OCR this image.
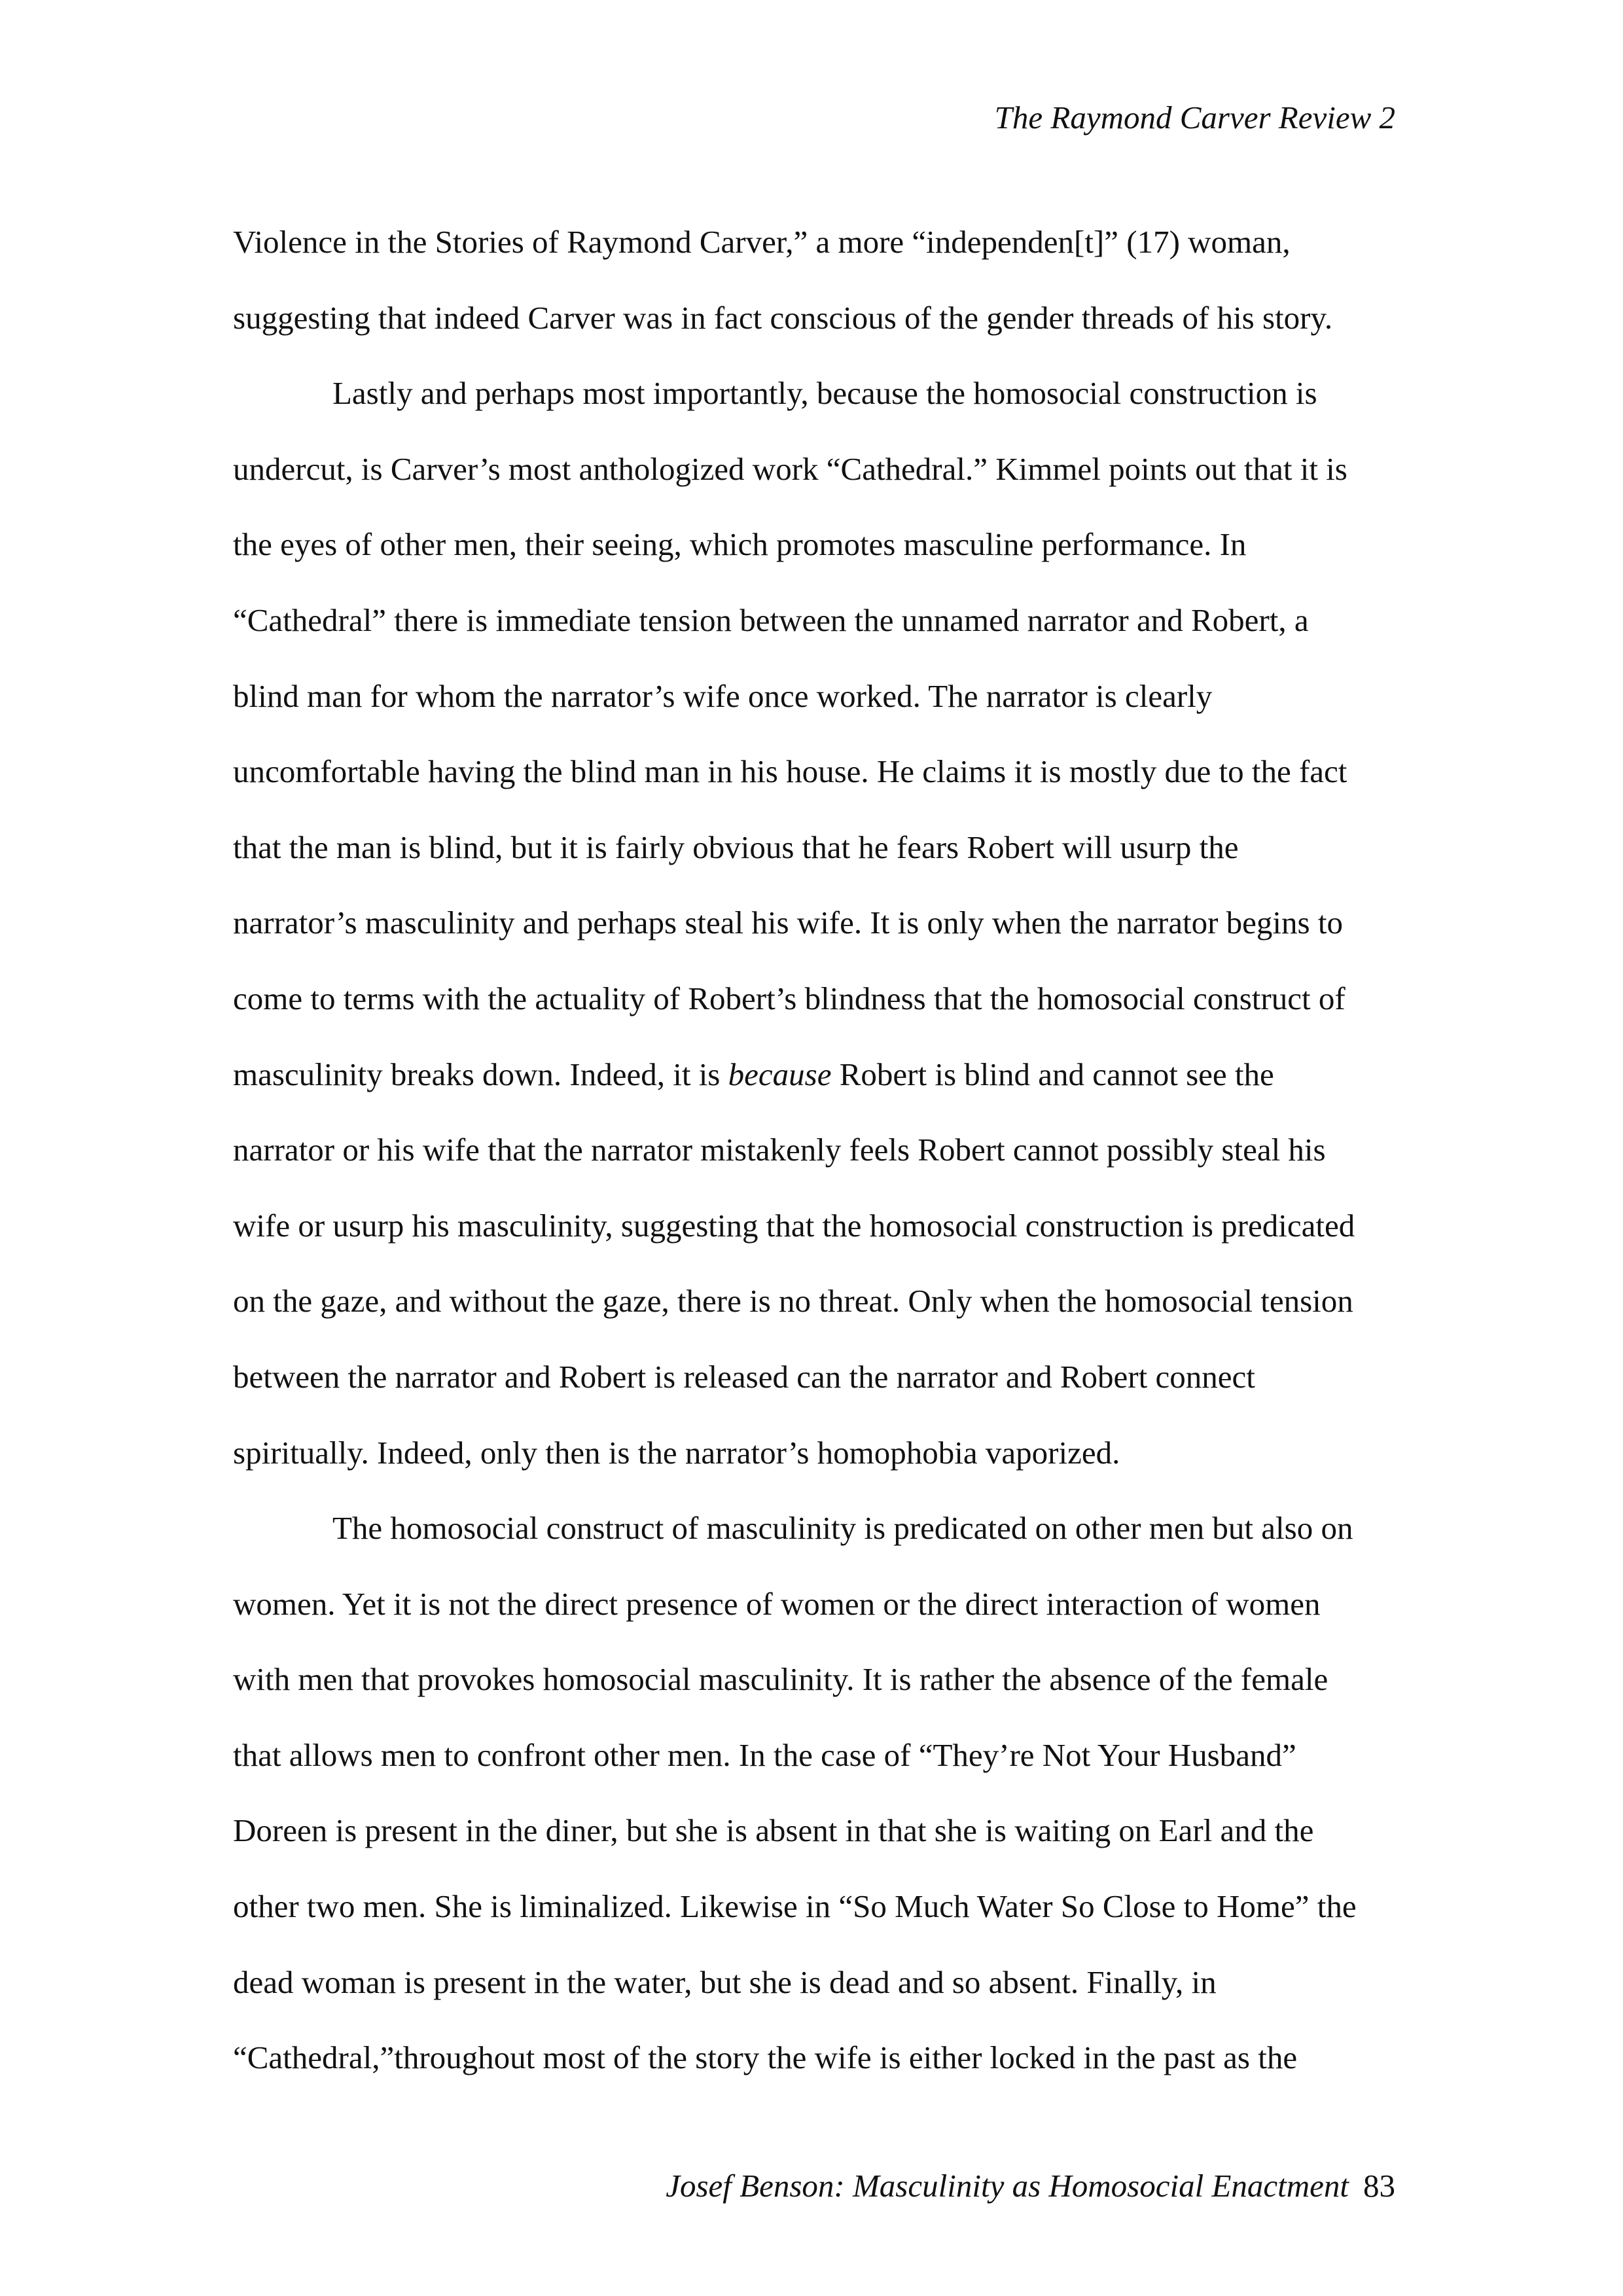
The Raymond Carver Review 2
Violence in the Stories of Raymond Carver,” a more “independen[t]” (17) woman,
suggesting that indeed Carver was in fact conscious of the gender threads of his story.
Lastly and perhaps most importantly, because the homosocial construction is
undercut, is Carver’s most anthologized work “Cathedral.” Kimmel points out that it is
the eyes of other men, their seeing, which promotes masculine performance. In
“Cathedral” there is immediate tension between the unnamed narrator and Robert, a
blind man for whom the narrator’s wife once worked. The narrator is clearly
uncomfortable having the blind man in his house. He claims it is mostly due to the fact
that the man is blind, but it is fairly obvious that he fears Robert will usurp the
narrator’s masculinity and perhaps steal his wife. It is only when the narrator begins to
come to terms with the actuality of Robert’s blindness that the homosocial construct of
masculinity breaks down. Indeed, it is because Robert is blind and cannot see the
narrator or his wife that the narrator mistakenly feels Robert cannot possibly steal his
wife or usurp his masculinity, suggesting that the homosocial construction is predicated
on the gaze, and without the gaze, there is no threat. Only when the homosocial tension
between the narrator and Robert is released can the narrator and Robert connect
spiritually. Indeed, only then is the narrator’s homophobia vaporized.
The homosocial construct of masculinity is predicated on other men but also on
women. Yet it is not the direct presence of women or the direct interaction of women
with men that provokes homosocial masculinity. It is rather the absence of the female
that allows men to confront other men. In the case of “They’re Not Your Husband”
Doreen is present in the diner, but she is absent in that she is waiting on Earl and the
other two men. She is liminalized. Likewise in “So Much Water So Close to Home” the
dead woman is present in the water, but she is dead and so absent. Finally, in
“Cathedral,”throughout most of the story the wife is either locked in the past as the
Josef Benson: Masculinity as Homosocial Enactment 83
